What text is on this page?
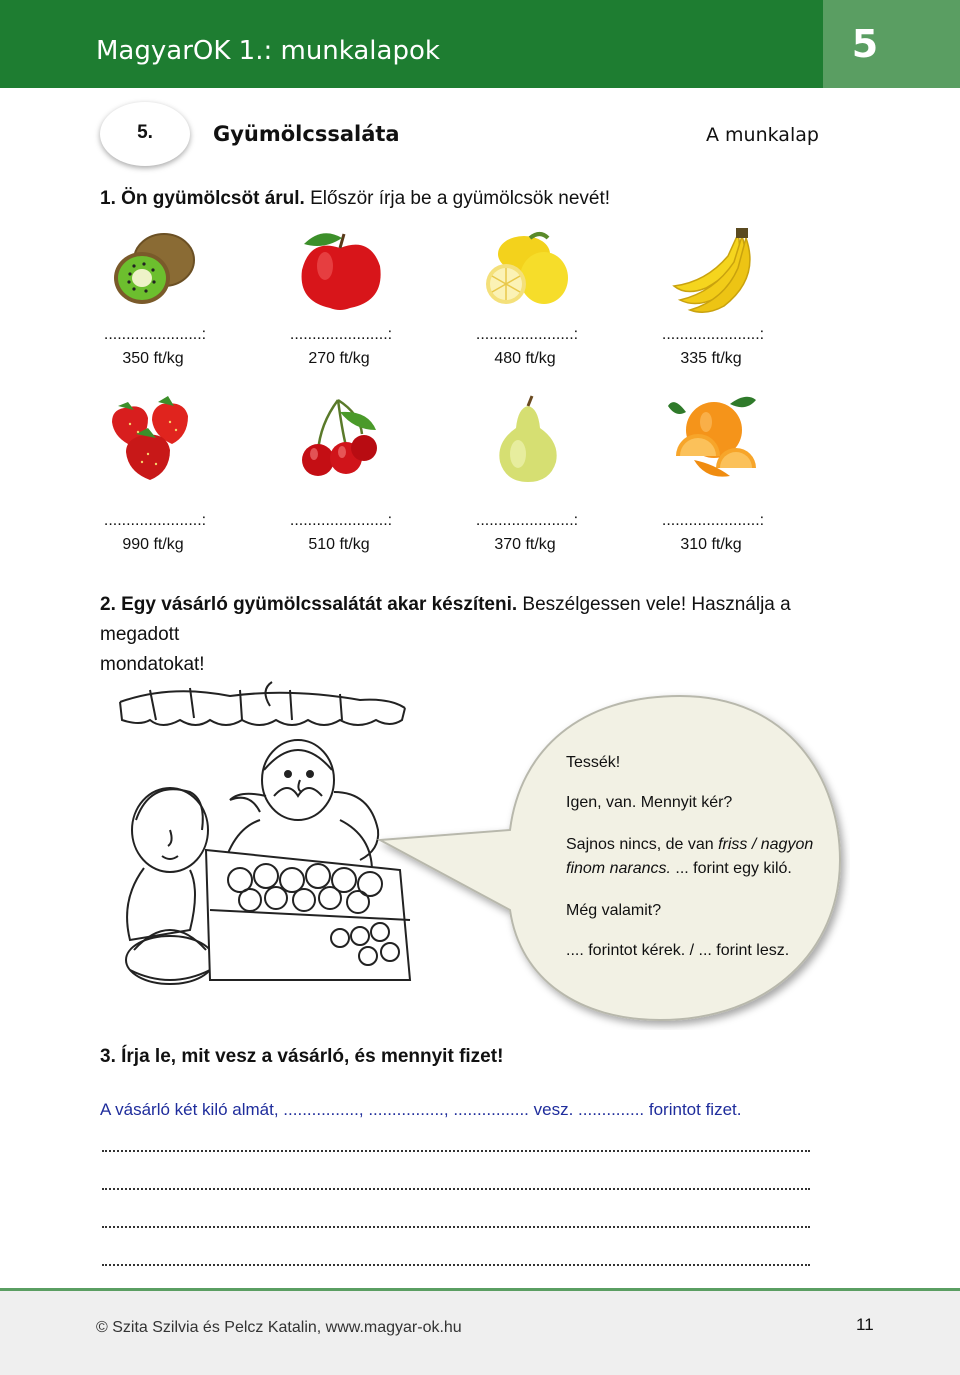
MagyarOK 1.: munkalapok	5
5.	Gyümölcssaláta	A munkalap
1. Ön gyümölcsöt árul. Először írja be a gyümölcsök nevét!
......................:	......................:	......................:	......................:
350 ft/kg	270 ft/kg	480 ft/kg	335 ft/kg
......................:	......................:	......................:	......................:
990 ft/kg	510 ft/kg	370 ft/kg	310 ft/kg
2. Egy vásárló gyümölcssalátát akar készíteni. Beszélgessen vele! Használja a megadott
mondatokat!
Tessék!
Igen, van. Mennyit kér?
Sajnos nincs, de van friss / nagyon
finom narancs. ... forint egy kiló.
Még valamit?
.... forintot kérek. / ... forint lesz.
3. Írja le, mit vesz a vásárló, és mennyit fizet!
A vásárló két kiló almát, ................, ................, ................ vesz. .............. forintot fizet.
© Szita Szilvia és Pelcz Katalin, www.magyar-ok.hu	11
